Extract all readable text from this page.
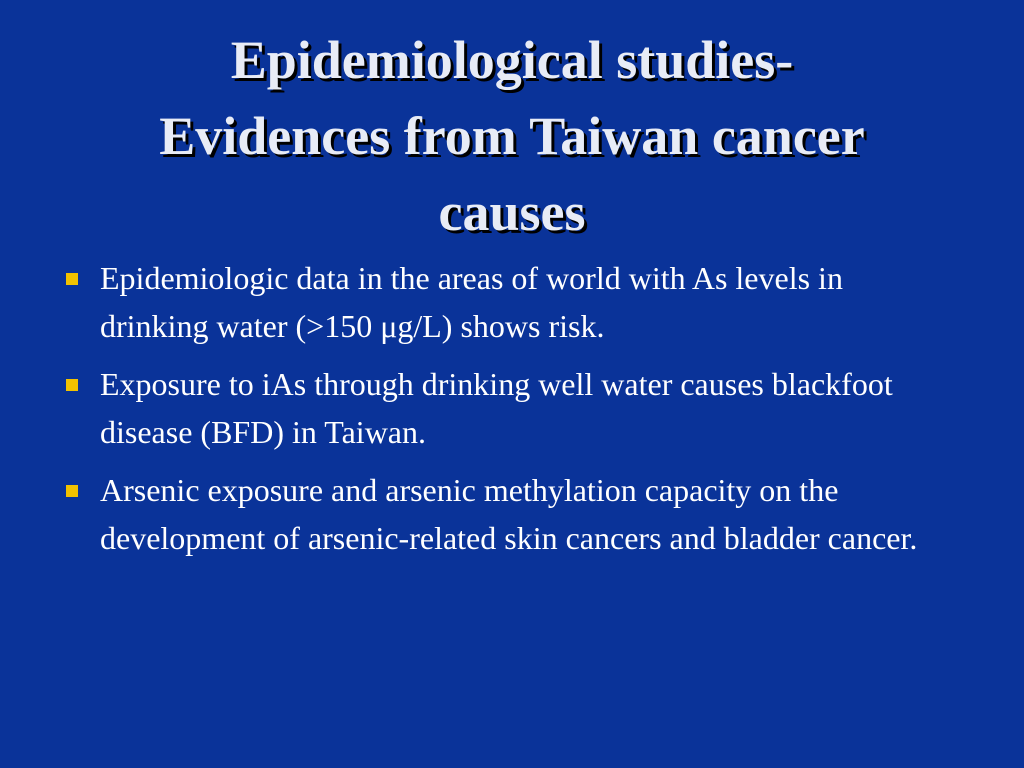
Epidemiological studies-
Evidences from Taiwan cancer
causes
Epidemiologic data in the areas of world with As levels in drinking water (>150 μg/L) shows risk.
Exposure to iAs through drinking well water causes blackfoot disease (BFD) in Taiwan.
Arsenic exposure and arsenic methylation capacity on the development of arsenic-related skin cancers and bladder cancer.
